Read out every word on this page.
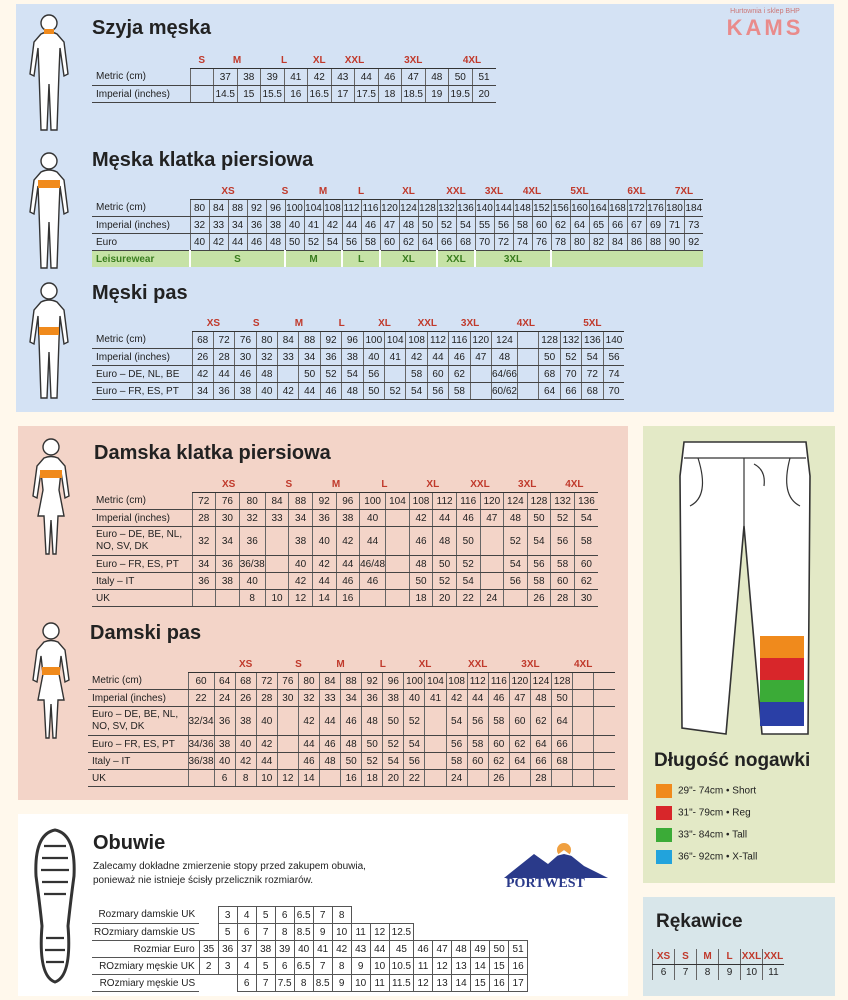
Hurtownia i sklep BHP
KAMS
Szyja męska
Męska klatka piersiowa
Męski pas
Damska klatka piersiowa
Damski pas
	S	M		L		XL	XXL		3XL			4XL	
Metric (cm)		37	38	39	41	42	43	44	46	47	48	50	51
Imperial (inches)		14.5	15	15.5	16	16.5	17	17.5	18	18.5	19	19.5	20
	XS				S		M		L		XL			XXL		3XL		4XL		5XL			6XL			7XL	
Metric (cm)	80	84	88	92	96	100	104	108	112	116	120	124	128	132	136	140	144	148	152	156	160	164	168	172	176	180	184
Imperial (inches)	32	33	34	36	38	40	41	42	44	46	47	48	50	52	54	55	56	58	60	62	64	65	66	67	69	71	73
Euro	40	42	44	46	48	50	52	54	56	58	60	62	64	66	68	70	72	74	76	78	80	82	84	86	88	90	92
Leisurewear	S					M			L		XL			XXL		3XL											
	XS		S		M		L		XL		XXL		3XL		4XL			5XL		
Metric (cm)	68	72	76	80	84	88	92	96	100	104	108	112	116	120	124		128	132	136	140
Imperial (inches)	26	28	30	32	33	34	36	38	40	41	42	44	46	47	48		50	52	54	56
Euro – DE, NL, BE	42	44	46	48		50	52	54	56		58	60	62		64/66		68	70	72	74
Euro – FR, ES, PT	34	36	38	40	42	44	46	48	50	52	54	56	58		60/62		64	66	68	70
	XS			S		M		L		XL		XXL		3XL		4XL	
Metric (cm)	72	76	80	84	88	92	96	100	104	108	112	116	120	124	128	132	136
Imperial (inches)	28	30	32	33	34	36	38	40		42	44	46	47	48	50	52	54
Euro – DE, BE, NL, NO, SV, DK	32	34	36		38	40	42	44		46	48	50		52	54	56	58
Euro – FR, ES, PT	34	36	36/38		40	42	44	46/48		48	50	52		54	56	58	60
Italy – IT	36	38	40		42	44	46	46		50	52	54		56	58	60	62
UK			8	10	12	14	16			18	20	22	24		26	28	30
		XS			S		M		L		XL		XXL			3XL		4XL		
Metric (cm)	60	64	68	72	76	80	84	88	92	96	100	104	108	112	116	120	124	128		
Imperial (inches)	22	24	26	28	30	32	33	34	36	38	40	41	42	44	46	47	48	50		
Euro – DE, BE, NL, NO, SV, DK	32/34	36	38	40		42	44	46	48	50	52		54	56	58	60	62	64		
Euro – FR, ES, PT	34/36	38	40	42		44	46	48	50	52	54		56	58	60	62	64	66		
Italy – IT	36/38	40	42	44		46	48	50	52	54	56		58	60	62	64	66	68		
UK		6	8	10	12	14		16	18	20	22		24		26		28			
Długość nogawki
29"- 74cm • Short
31"- 79cm • Reg
33"- 84cm • Tall
36"- 92cm • X-Tall
Obuwie
Zalecamy dokładne zmierzenie stopy przed zakupem obuwia,
ponieważ nie istnieje ścisły przelicznik rozmiarów.	PORTWEST
Rozmary damskie UK		3	4	5	6	6.5	7	8									
ROzmiary damskie US		5	6	7	8	8.5	9	10	11	12	12.5						
Rozmiar Euro	35	36	37	38	39	40	41	42	43	44	45	46	47	48	49	50	51
ROzmiary męskie UK	2	3	4	5	6	6.5	7	8	9	10	10.5	11	12	13	14	15	16
ROzmiary męskie US			6	7	7.5	8	8.5	9	10	11	11.5	12	13	14	15	16	17
Rękawice
XS	S	M	L	XXL	XXL
6	7	8	9	10	11
